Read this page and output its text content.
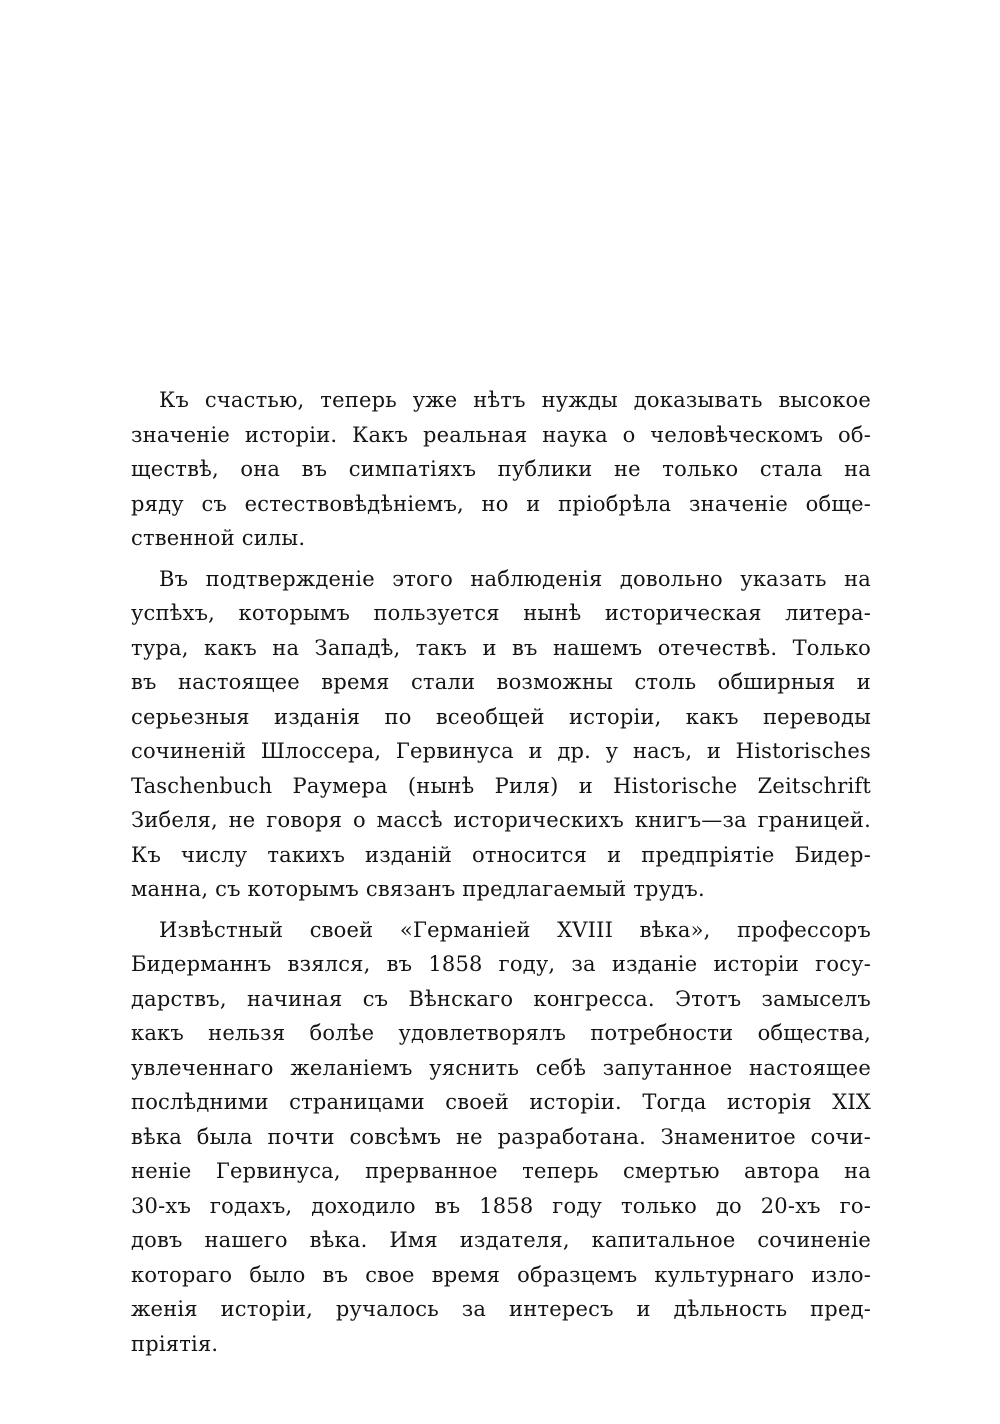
Къ счастью, теперь уже нѣтъ нужды доказывать высокое
значеніе исторіи. Какъ реальная наука о человѣческомъ об-
ществѣ, она въ симпатіяхъ публики не только стала на
ряду съ естествовѣдѣніемъ, но и пріобрѣла значеніе обще-
ственной силы.
Въ подтвержденіе этого наблюденія довольно указать на
успѣхъ, которымъ пользуется нынѣ историческая литера-
тура, какъ на Западѣ, такъ и въ нашемъ отечествѣ. Только
въ настоящее время стали возможны столь обширныя и
серьезныя изданія по всеобщей исторіи, какъ переводы
сочиненій Шлоссера, Гервинуса и др. у насъ, и Historisches
Taschenbuch Раумера (нынѣ Риля) и Historische Zeitschrift
Зибеля, не говоря о массѣ историческихъ книгъ—за границей.
Къ числу такихъ изданій относится и предпріятіе Бидер-
манна, съ которымъ связанъ предлагаемый трудъ.
Извѣстный своей «Германіей XVIII вѣка», профессоръ
Бидерманнъ взялся, въ 1858 году, за изданіе исторіи госу-
дарствъ, начиная съ Вѣнскаго конгресса. Этотъ замыселъ
какъ нельзя болѣе удовлетворялъ потребности общества,
увлеченнаго желаніемъ уяснить себѣ запутанное настоящее
послѣдними страницами своей исторіи. Тогда исторія XIX
вѣка была почти совсѣмъ не разработана. Знаменитое сочи-
неніе Гервинуса, прерванное теперь смертью автора на
30-хъ годахъ, доходило въ 1858 году только до 20-хъ го-
довъ нашего вѣка. Имя издателя, капитальное сочиненіе
котораго было въ свое время образцемъ культурнаго изло-
женія исторіи, ручалось за интересъ и дѣльность пред-
пріятія.
